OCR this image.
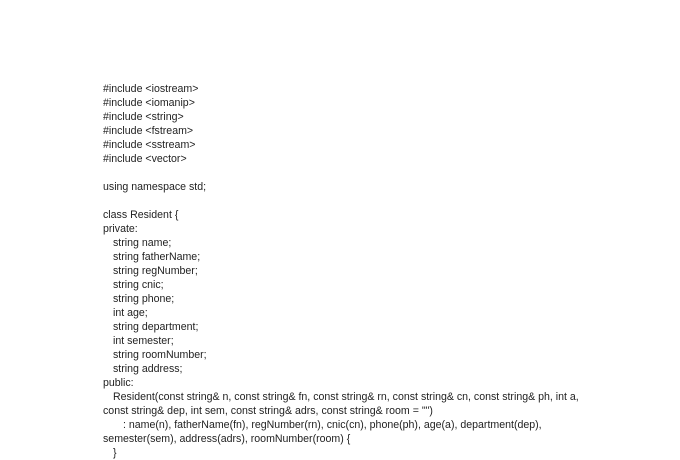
#include <iostream>
#include <iomanip>
#include <string>
#include <fstream>
#include <sstream>
#include <vector>
using namespace std;
class Resident {
private:
string name;
string fatherName;
string regNumber;
string cnic;
string phone;
int age;
string department;
int semester;
string roomNumber;
string address;
public:
Resident(const string& n, const string& fn, const string& rn, const string& cn, const string& ph, int a,
const string& dep, int sem, const string& adrs, const string& room = "")
: name(n), fatherName(fn), regNumber(rn), cnic(cn), phone(ph), age(a), department(dep),
semester(sem), address(adrs), roomNumber(room) {
}
